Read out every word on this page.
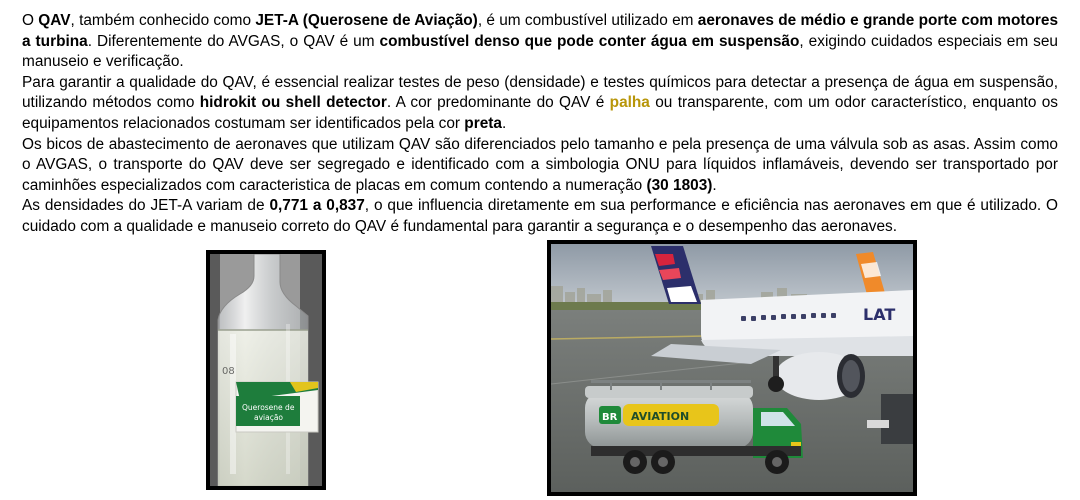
O QAV, também conhecido como JET-A (Querosene de Aviação), é um combustível utilizado em aeronaves de médio e grande porte com motores a turbina. Diferentemente do AVGAS, o QAV é um combustível denso que pode conter água em suspensão, exigindo cuidados especiais em seu manuseio e verificação.

Para garantir a qualidade do QAV, é essencial realizar testes de peso (densidade) e testes químicos para detectar a presença de água em suspensão, utilizando métodos como hidrokit ou shell detector. A cor predominante do QAV é palha ou transparente, com um odor característico, enquanto os equipamentos relacionados costumam ser identificados pela cor preta.

Os bicos de abastecimento de aeronaves que utilizam QAV são diferenciados pelo tamanho e pela presença de uma válvula sob as asas. Assim como o AVGAS, o transporte do QAV deve ser segregado e identificado com a simbologia ONU para líquidos inflamáveis, devendo ser transportado por caminhões especializados com caracteristica de placas em comum contendo a numeração (30 1803).

As densidades do JET-A variam de 0,771 a 0,837, o que influencia diretamente em sua performance e eficiência nas aeronaves em que é utilizado. O cuidado com a qualidade e manuseio correto do QAV é fundamental para garantir a segurança e o desempenho das aeronaves.

08
Querosene de
aviação
LAT
BR AVIATION
